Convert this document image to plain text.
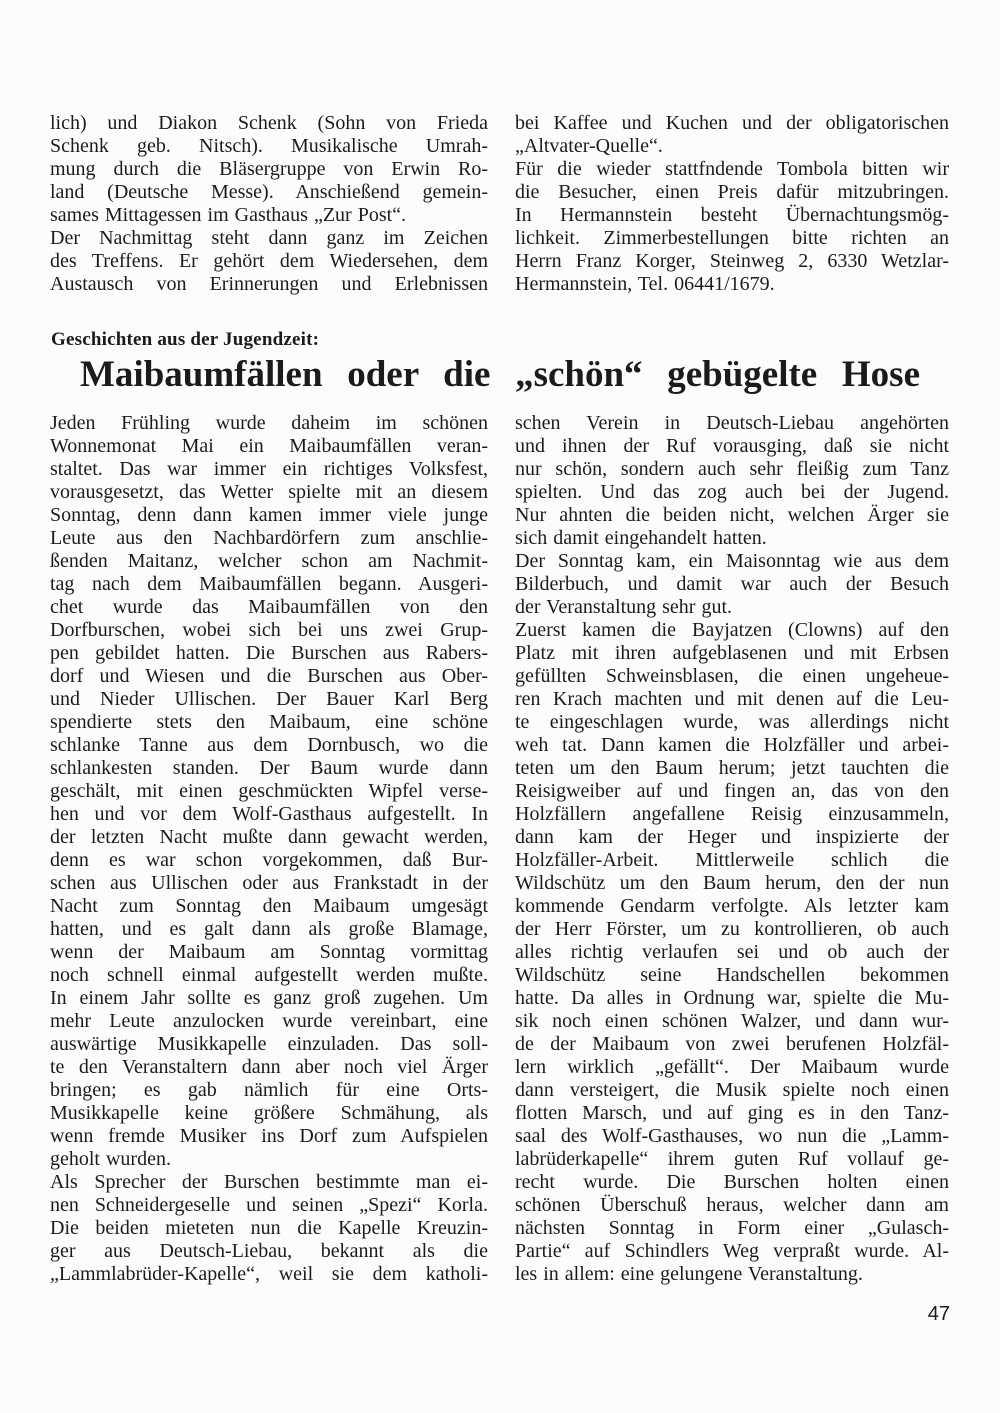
lich) und Diakon Schenk (Sohn von Frieda
Schenk geb. Nitsch). Musikalische Umrah-
mung durch die Bläsergruppe von Erwin Ro-
land (Deutsche Messe). Anschießend gemein-
sames Mittagessen im Gasthaus „Zur Post“.
Der Nachmittag steht dann ganz im Zeichen
des Treffens. Er gehört dem Wiedersehen, dem
Austausch von Erinnerungen und Erlebnissen
bei Kaffee und Kuchen und der obligatorischen
„Altvater-Quelle“.
Für die wieder stattfndende Tombola bitten wir
die Besucher, einen Preis dafür mitzubringen.
In Hermannstein besteht Übernachtungsmög-
lichkeit. Zimmerbestellungen bitte richten an
Herrn Franz Korger, Steinweg 2, 6330 Wetzlar-
Hermannstein, Tel. 06441/1679.
Geschichten aus der Jugendzeit:
Maibaumfällen oder die „schön“ gebügelte Hose
Jeden Frühling wurde daheim im schönen
Wonnemonat Mai ein Maibaumfällen veran-
staltet. Das war immer ein richtiges Volksfest,
vorausgesetzt, das Wetter spielte mit an diesem
Sonntag, denn dann kamen immer viele junge
Leute aus den Nachbardörfern zum anschlie-
ßenden Maitanz, welcher schon am Nachmit-
tag nach dem Maibaumfällen begann. Ausgeri-
chet wurde das Maibaumfällen von den
Dorfburschen, wobei sich bei uns zwei Grup-
pen gebildet hatten. Die Burschen aus Rabers-
dorf und Wiesen und die Burschen aus Ober-
und Nieder Ullischen. Der Bauer Karl Berg
spendierte stets den Maibaum, eine schöne
schlanke Tanne aus dem Dornbusch, wo die
schlankesten standen. Der Baum wurde dann
geschält, mit einen geschmückten Wipfel verse-
hen und vor dem Wolf-Gasthaus aufgestellt. In
der letzten Nacht mußte dann gewacht werden,
denn es war schon vorgekommen, daß Bur-
schen aus Ullischen oder aus Frankstadt in der
Nacht zum Sonntag den Maibaum umgesägt
hatten, und es galt dann als große Blamage,
wenn der Maibaum am Sonntag vormittag
noch schnell einmal aufgestellt werden mußte.
In einem Jahr sollte es ganz groß zugehen. Um
mehr Leute anzulocken wurde vereinbart, eine
auswärtige Musikkapelle einzuladen. Das soll-
te den Veranstaltern dann aber noch viel Ärger
bringen; es gab nämlich für eine Orts-
Musikkapelle keine größere Schmähung, als
wenn fremde Musiker ins Dorf zum Aufspielen
geholt wurden.
Als Sprecher der Burschen bestimmte man ei-
nen Schneidergeselle und seinen „Spezi“ Korla.
Die beiden mieteten nun die Kapelle Kreuzin-
ger aus Deutsch-Liebau, bekannt als die
„Lammlabrüder-Kapelle“, weil sie dem katholi-
schen Verein in Deutsch-Liebau angehörten
und ihnen der Ruf vorausging, daß sie nicht
nur schön, sondern auch sehr fleißig zum Tanz
spielten. Und das zog auch bei der Jugend.
Nur ahnten die beiden nicht, welchen Ärger sie
sich damit eingehandelt hatten.
Der Sonntag kam, ein Maisonntag wie aus dem
Bilderbuch, und damit war auch der Besuch
der Veranstaltung sehr gut.
Zuerst kamen die Bayjatzen (Clowns) auf den
Platz mit ihren aufgeblasenen und mit Erbsen
gefüllten Schweinsblasen, die einen ungeheue-
ren Krach machten und mit denen auf die Leu-
te eingeschlagen wurde, was allerdings nicht
weh tat. Dann kamen die Holzfäller und arbei-
teten um den Baum herum; jetzt tauchten die
Reisigweiber auf und fingen an, das von den
Holzfällern angefallene Reisig einzusammeln,
dann kam der Heger und inspizierte der
Holzfäller-Arbeit. Mittlerweile schlich die
Wildschütz um den Baum herum, den der nun
kommende Gendarm verfolgte. Als letzter kam
der Herr Förster, um zu kontrollieren, ob auch
alles richtig verlaufen sei und ob auch der
Wildschütz seine Handschellen bekommen
hatte. Da alles in Ordnung war, spielte die Mu-
sik noch einen schönen Walzer, und dann wur-
de der Maibaum von zwei berufenen Holzfäl-
lern wirklich „gefällt“. Der Maibaum wurde
dann versteigert, die Musik spielte noch einen
flotten Marsch, und auf ging es in den Tanz-
saal des Wolf-Gasthauses, wo nun die „Lamm-
labrüderkapelle“ ihrem guten Ruf vollauf ge-
recht wurde. Die Burschen holten einen
schönen Überschuß heraus, welcher dann am
nächsten Sonntag in Form einer „Gulasch-
Partie“ auf Schindlers Weg verpraßt wurde. Al-
les in allem: eine gelungene Veranstaltung.
47
